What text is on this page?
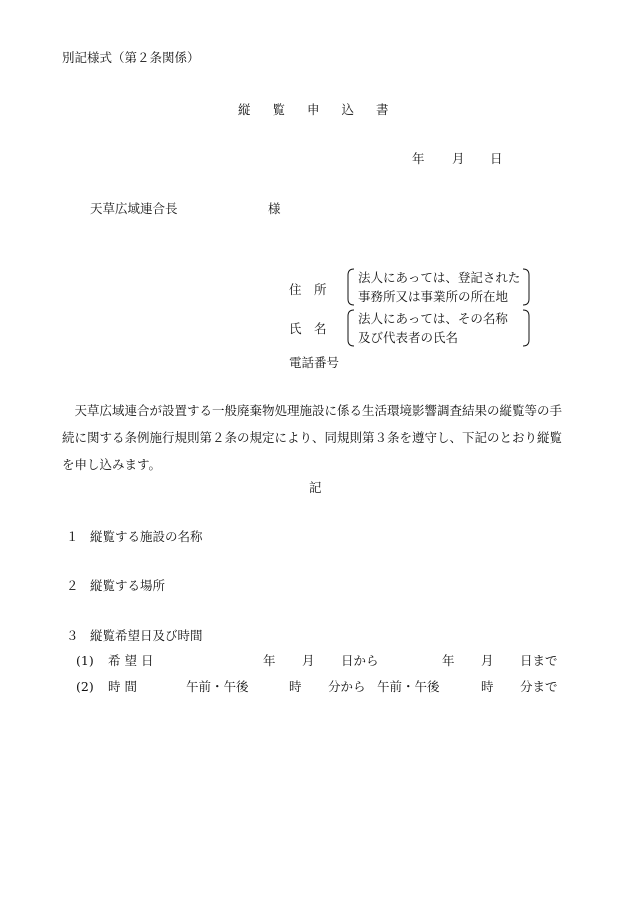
別記様式（第２条関係）
縦覧申込書
年 月 日
天草広域連合長	様
住　所
法人にあっては、登記された
事務所又は事業所の所在地
氏　名
法人にあっては、その名称
及び代表者の氏名
電話番号
　天草広域連合が設置する一般廃棄物処理施設に係る生活環境影響調査結果の縦覧等の手続に関する条例施行規則第２条の規定により、同規則第３条を遵守し、下記のとおり縦覧を申し込みます。
記
１ 縦覧する施設の名称
２ 縦覧する場所
３ 縦覧希望日及び時間
(1) 希 望 日	年 月 日から	年 月 日まで
(2) 時 間	午前・午後	時 分から 午前・午後	時 分まで
